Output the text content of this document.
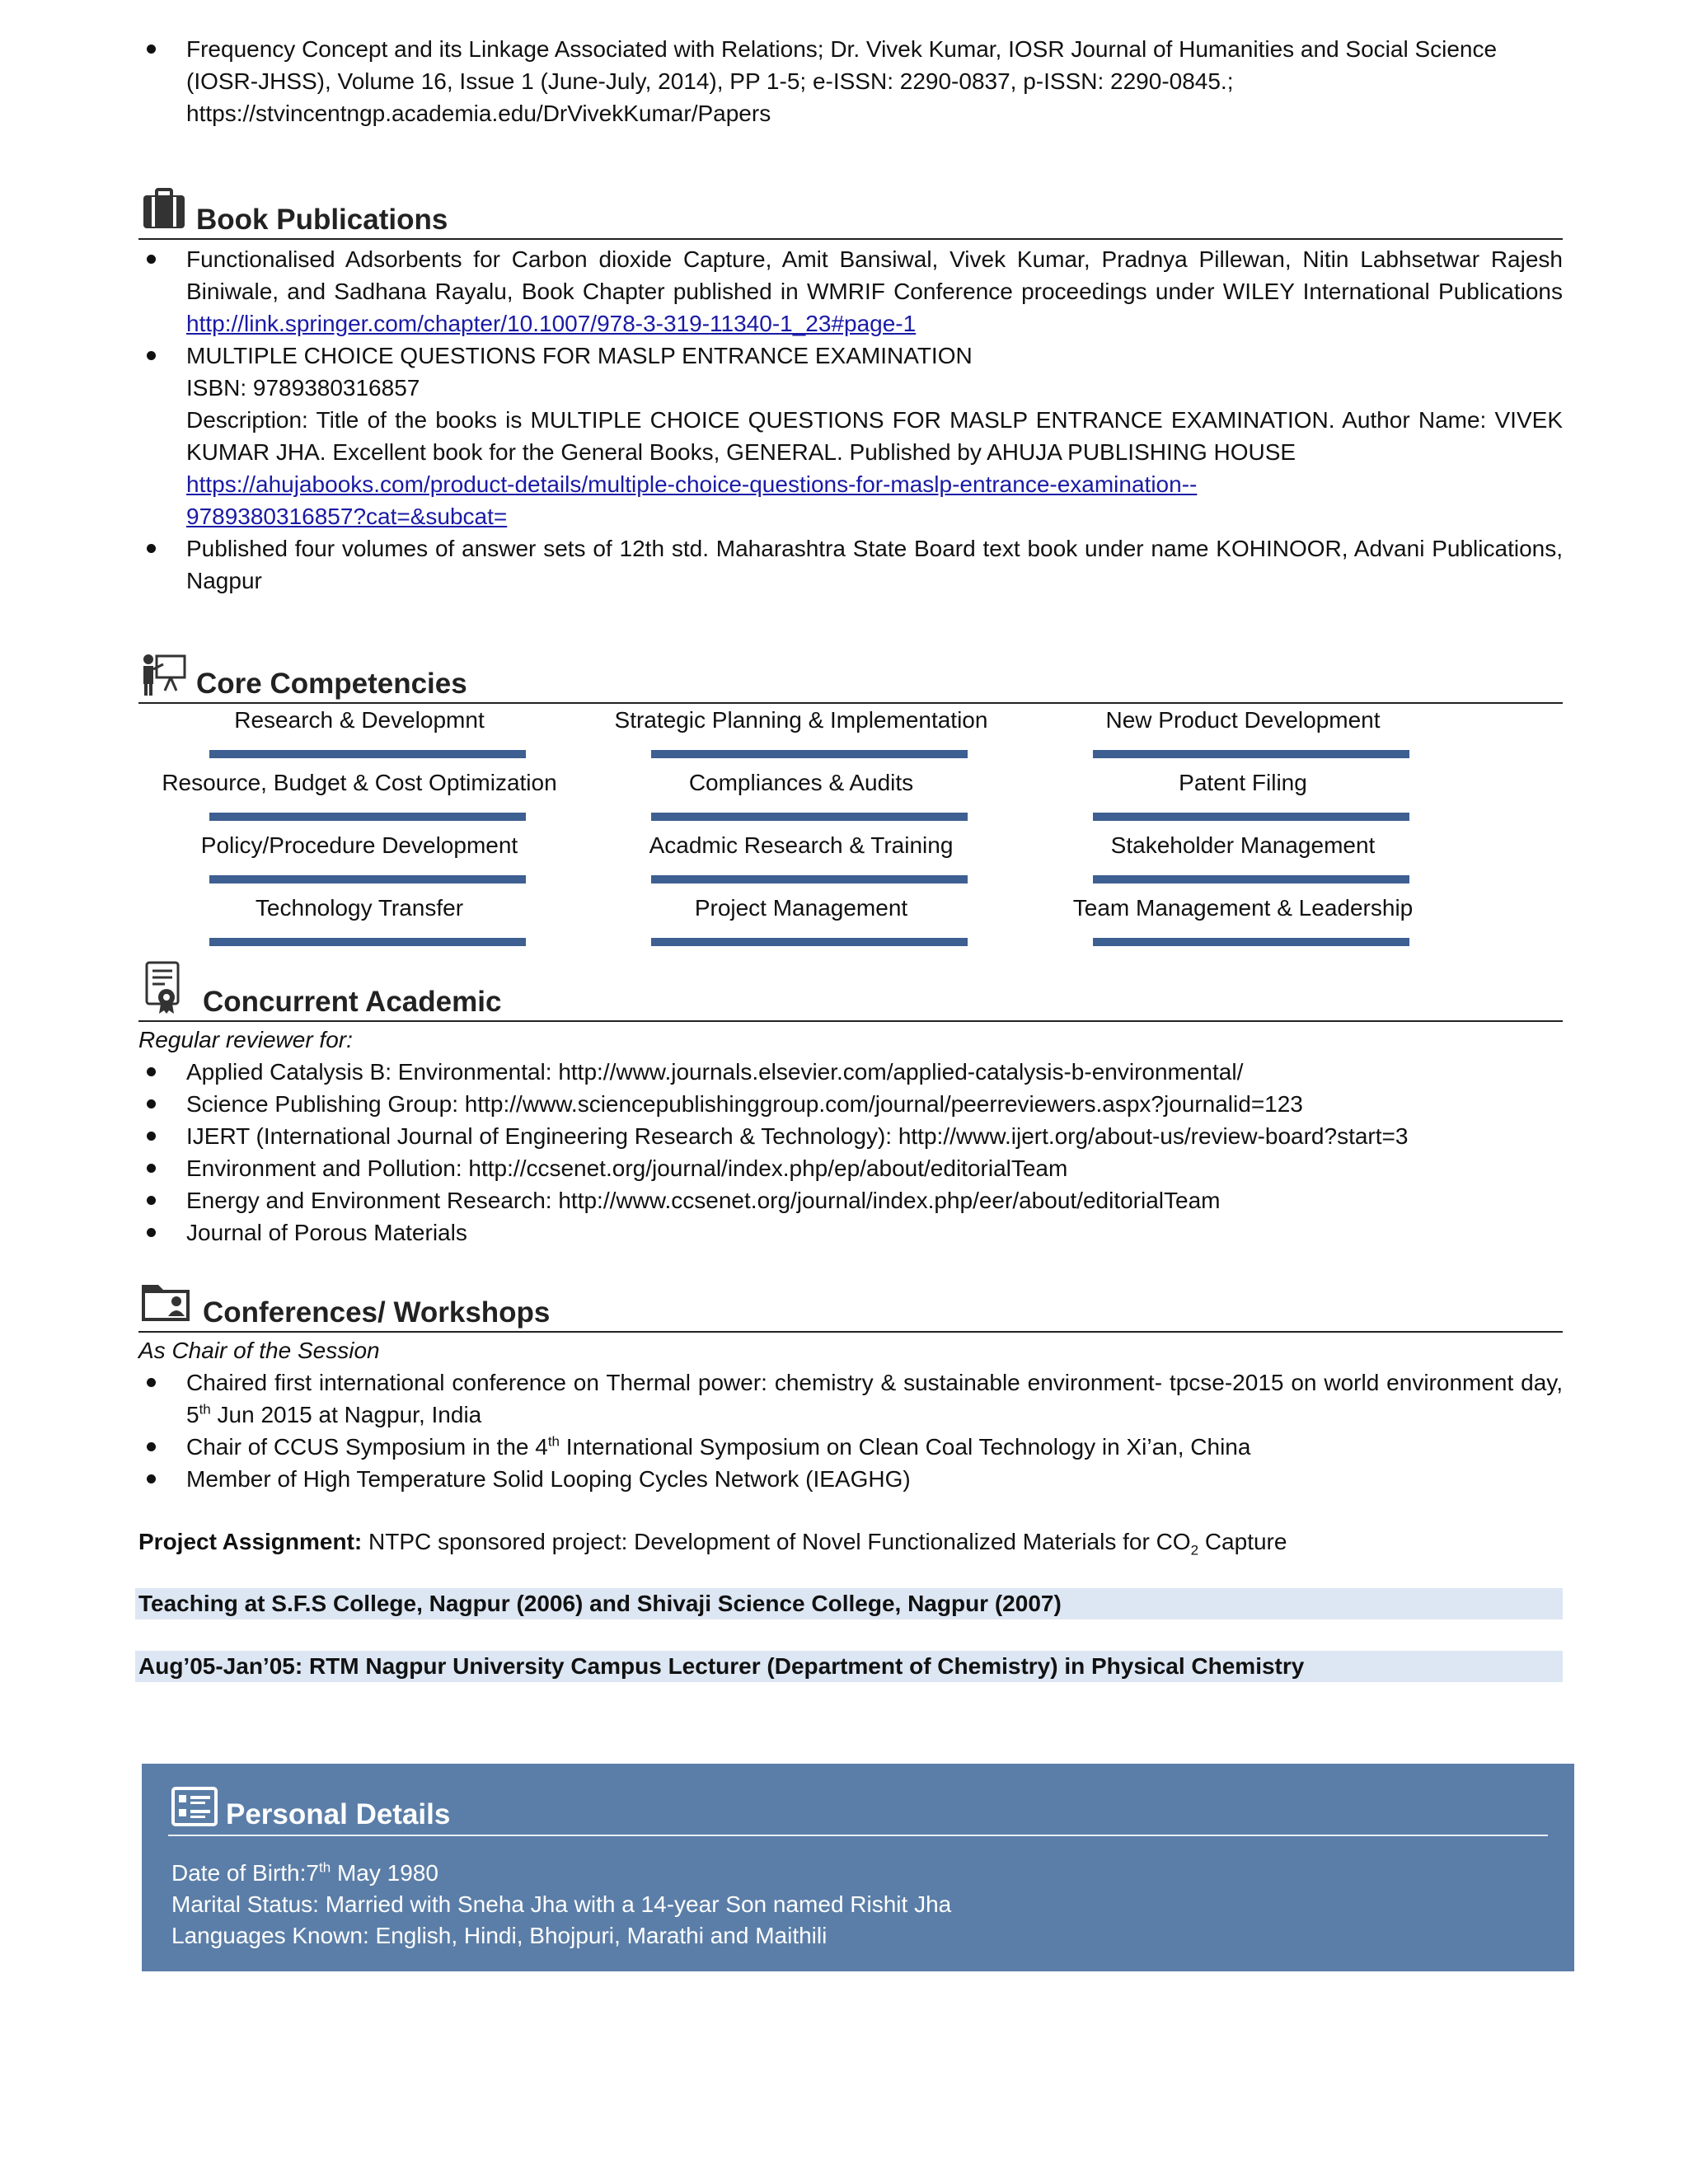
Frequency Concept and its Linkage Associated with Relations; Dr. Vivek Kumar, IOSR Journal of Humanities and Social Science (IOSR-JHSS), Volume 16, Issue 1 (June-July, 2014), PP 1-5; e-ISSN: 2290-0837, p-ISSN: 2290-0845.; https://stvincentngp.academia.edu/DrVivekKumar/Papers
Book Publications
Functionalised Adsorbents for Carbon dioxide Capture, Amit Bansiwal, Vivek Kumar, Pradnya Pillewan, Nitin Labhsetwar Rajesh Biniwale, and Sadhana Rayalu, Book Chapter published in WMRIF Conference proceedings under WILEY International Publications http://link.springer.com/chapter/10.1007/978-3-319-11340-1_23#page-1
MULTIPLE CHOICE QUESTIONS FOR MASLP ENTRANCE EXAMINATION
ISBN: 9789380316857
Description: Title of the books is MULTIPLE CHOICE QUESTIONS FOR MASLP ENTRANCE EXAMINATION. Author Name: VIVEK KUMAR JHA. Excellent book for the General Books, GENERAL. Published by AHUJA PUBLISHING HOUSE
https://ahujabooks.com/product-details/multiple-choice-questions-for-maslp-entrance-examination--
9789380316857?cat=&subcat=
Published four volumes of answer sets of 12th std. Maharashtra State Board text book under name KOHINOOR, Advani Publications, Nagpur
Core Competencies
Research & Developmnt	Strategic Planning & Implementation	New Product Development
Resource, Budget & Cost Optimization	Compliances & Audits	Patent Filing
Policy/Procedure Development	Acadmic Research & Training	Stakeholder Management
Technology Transfer	Project Management	Team Management & Leadership
Concurrent Academic
Regular reviewer for:
Applied Catalysis B: Environmental: http://www.journals.elsevier.com/applied-catalysis-b-environmental/
Science Publishing Group: http://www.sciencepublishinggroup.com/journal/peerreviewers.aspx?journalid=123
IJERT (International Journal of Engineering Research & Technology): http://www.ijert.org/about-us/review-board?start=3
Environment and Pollution: http://ccsenet.org/journal/index.php/ep/about/editorialTeam
Energy and Environment Research: http://www.ccsenet.org/journal/index.php/eer/about/editorialTeam
Journal of Porous Materials
Conferences/ Workshops
As Chair of the Session
Chaired first international conference on Thermal power: chemistry & sustainable environment- tpcse-2015 on world environment day, 5th Jun 2015 at Nagpur, India
Chair of CCUS Symposium in the 4th International Symposium on Clean Coal Technology in Xi’an, China
Member of High Temperature Solid Looping Cycles Network (IEAGHG)
Project Assignment: NTPC sponsored project: Development of Novel Functionalized Materials for $CO_2$ Capture
Teaching at S.F.S College, Nagpur (2006) and Shivaji Science College, Nagpur (2007)
Aug’05-Jan’05: RTM Nagpur University Campus Lecturer (Department of Chemistry) in Physical Chemistry
Personal Details
Date of Birth:7th May 1980
Marital Status: Married with Sneha Jha with a 14-year Son named Rishit Jha
Languages Known: English, Hindi, Bhojpuri, Marathi and Maithili
